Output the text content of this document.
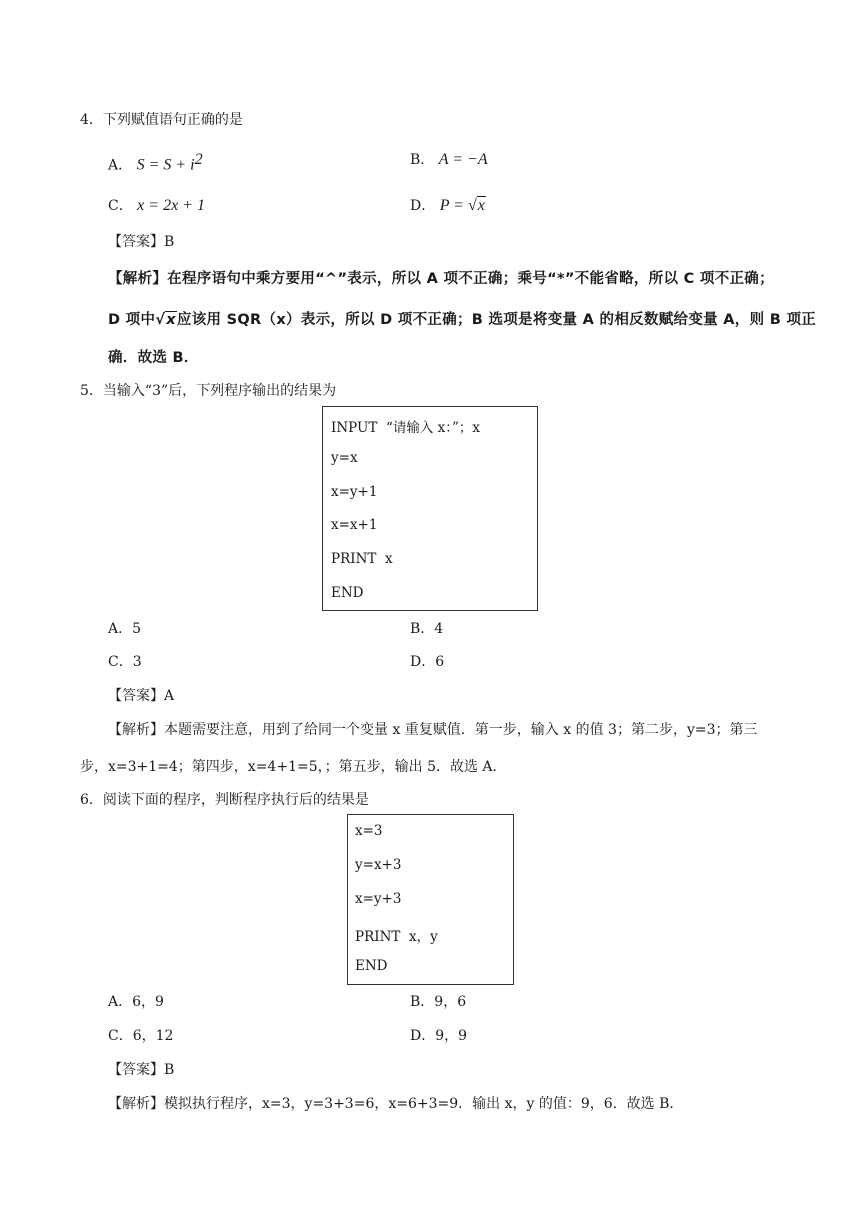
4．下列赋值语句正确的是
A． $S = S + i^2$	B． A = −A
C． x = 2x + 1	D． P = √x
【答案】B
【解析】在程序语句中乘方要用“^”表示，所以 A 项不正确；乘号“*”不能省略，所以 C 项不正确；
D 项中√x应该用 SQR（x）表示，所以 D 项不正确；B 选项是将变量 A 的相反数赋给变量 A，则 B 项正
确．故选 B．
5．当输入“3”后，下列程序输出的结果为
INPUT  “请输入 x：”；x
y=x
x=y+1
x=x+1
PRINT  x
END
A．5	B．4
C．3	D．6
【答案】A
【解析】本题需要注意，用到了给同一个变量 x 重复赋值．第一步，输入 x 的值 3；第二步，y=3；第三
步，x=3+1=4；第四步，x=4+1=5，；第五步，输出 5．故选 A．
6．阅读下面的程序，判断程序执行后的结果是
x=3
y=x+3
x=y+3
PRINT  x，y
END
A．6，9	B．9，6
C．6，12	D．9，9
【答案】B
【解析】模拟执行程序，x=3，y=3+3=6，x=6+3=9．输出 x，y 的值：9，6．故选 B．
